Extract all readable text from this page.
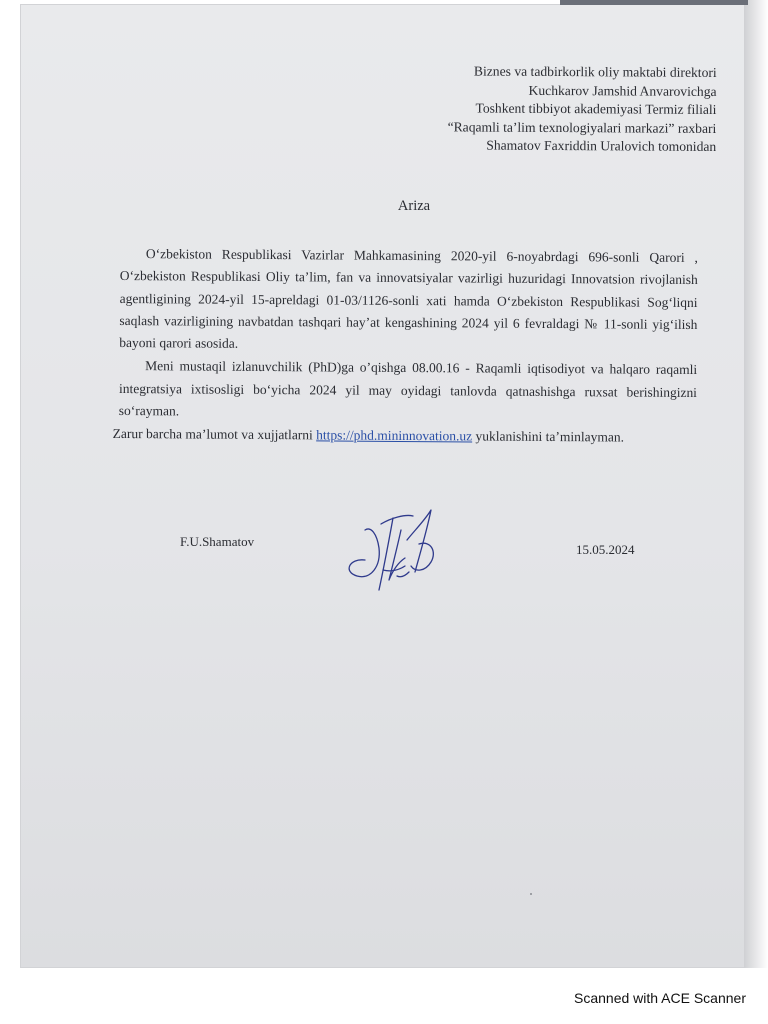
Biznes va tadbirkorlik oliy maktabi direktori
Kuchkarov Jamshid Anvarovichga
Toshkent tibbiyot akademiyasi Termiz filiali
“Raqamli ta’lim texnologiyalari markazi” raxbari
Shamatov Faxriddin Uralovich tomonidan
Ariza

O‘zbekiston Respublikasi Vazirlar Mahkamasining 2020-yil 6-noyabrdagi 696-sonli Qarori , O‘zbekiston Respublikasi Oliy ta’lim, fan va innovatsiyalar vazirligi huzuridagi Innovatsion rivojlanish agentligining 2024-yil 15-apreldagi 01-03/1126-sonli xati hamda O‘zbekiston Respublikasi Sog‘liqni saqlash vazirligining navbatdan tashqari hay’at kengashining 2024 yil 6 fevraldagi № 11-sonli yig‘ilish bayoni qarori asosida.

Meni mustaqil izlanuvchilik (PhD)ga o’qishga 08.00.16 - Raqamli iqtisodiyot va halqaro raqamli integratsiya ixtisosligi bo‘yicha 2024 yil may oyidagi tanlovda qatnashishga ruxsat berishingizni so‘rayman.

Zarur barcha ma’lumot va xujjatlarni https://phd.mininnovation.uz yuklanishini ta’minlayman.

F.U.Shamatov
15.05.2024
Scanned with ACE Scanner
